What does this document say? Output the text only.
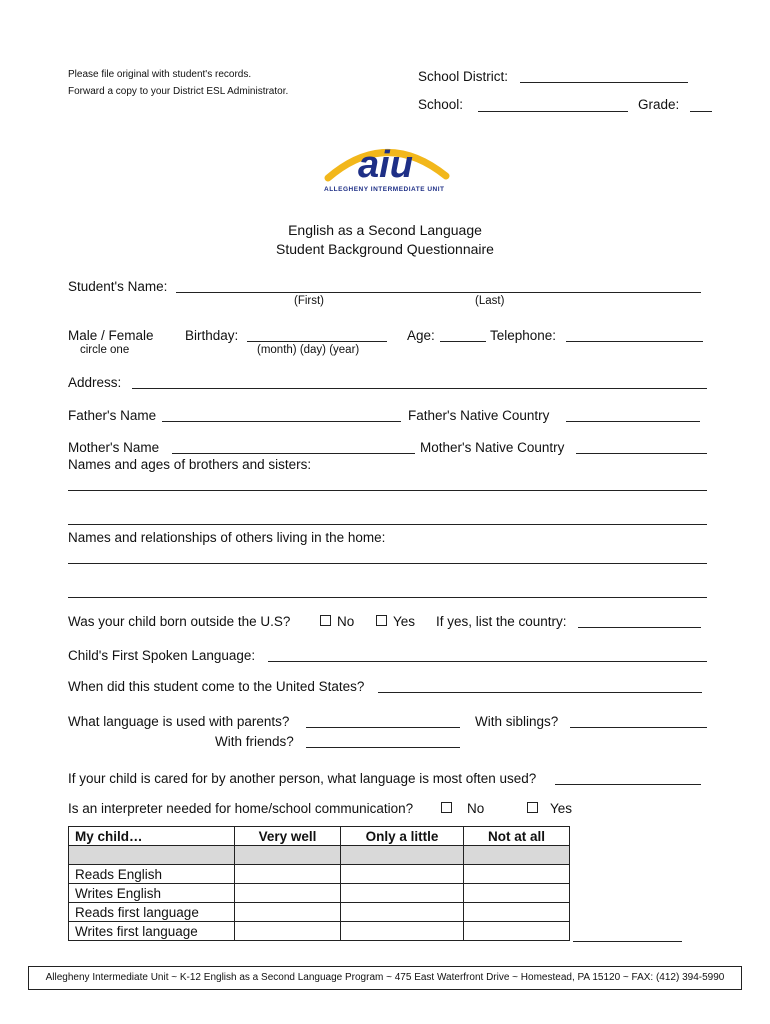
Please file original with student's records.
Forward a copy to your District ESL Administrator.
School District:
School:	Grade:
aiu
ALLEGHENY INTERMEDIATE UNIT
English as a Second Language
Student Background Questionnaire
Student's Name:
(First)	(Last)
Male / Female
circle one
Birthday:
(month) (day) (year)
Age:	Telephone:
Address:
Father's Name	Father's Native Country
Mother's Name	Mother's Native Country
Names and ages of brothers and sisters:
Names and relationships of others living in the home:
Was your child born outside the U.S?	No	Yes If yes, list the country:
Child's First Spoken Language:
When did this student come to the United States?
What language is used with parents?	With siblings?
With friends?
If your child is cared for by another person, what language is most often used?
Is an interpreter needed for home/school communication?	No	Yes
My child…	Very well	Only a little	Not at all

Reads English			
Writes English			
Reads first language			
Writes first language			
Allegheny Intermediate Unit ~ K-12 English as a Second Language Program ~ 475 East Waterfront Drive ~ Homestead, PA 15120 ~ FAX: (412) 394-5990
